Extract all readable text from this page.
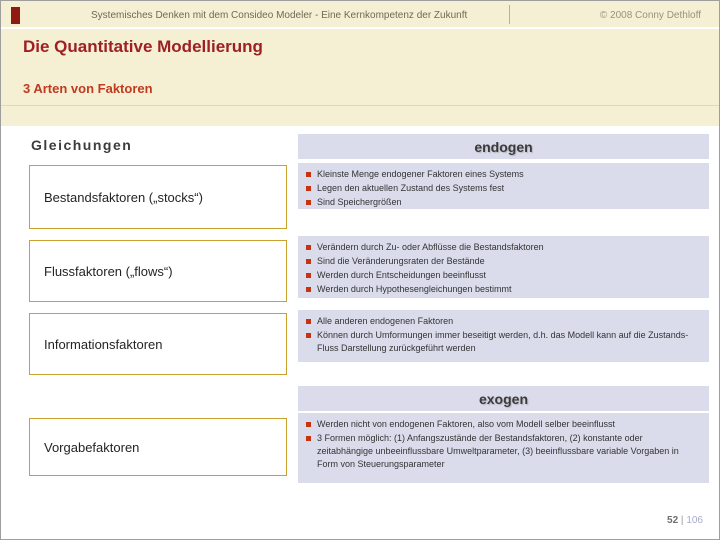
Systemisches Denken mit dem Consideo Modeler - Eine Kernkompetenz der Zukunft	© 2008 Conny Dethloff
Die Quantitative Modellierung
3 Arten von Faktoren
Gleichungen
Bestandsfaktoren („stocks“)
Flussfaktoren („flows“)
Informationsfaktoren
Vorgabefaktoren
endogen
Kleinste Menge endogener Faktoren eines Systems
Legen den aktuellen Zustand des Systems fest
Sind Speichergrößen
Verändern durch Zu- oder Abflüsse die Bestandsfaktoren
Sind die Veränderungsraten der Bestände
Werden durch Entscheidungen beeinflusst
Werden durch Hypothesengleichungen bestimmt
Alle anderen endogenen Faktoren
Können durch Umformungen immer beseitigt werden, d.h. das Modell kann auf die Zustands-Fluss Darstellung zurückgeführt werden
exogen
Werden nicht von endogenen Faktoren, also vom Modell selber beeinflusst
3 Formen möglich: (1) Anfangszustände der Bestandsfaktoren, (2) konstante oder zeitabhängige unbeeinflussbare Umweltparameter, (3) beeinflussbare variable Vorgaben in Form von Steuerungsparameter
52 | 106
